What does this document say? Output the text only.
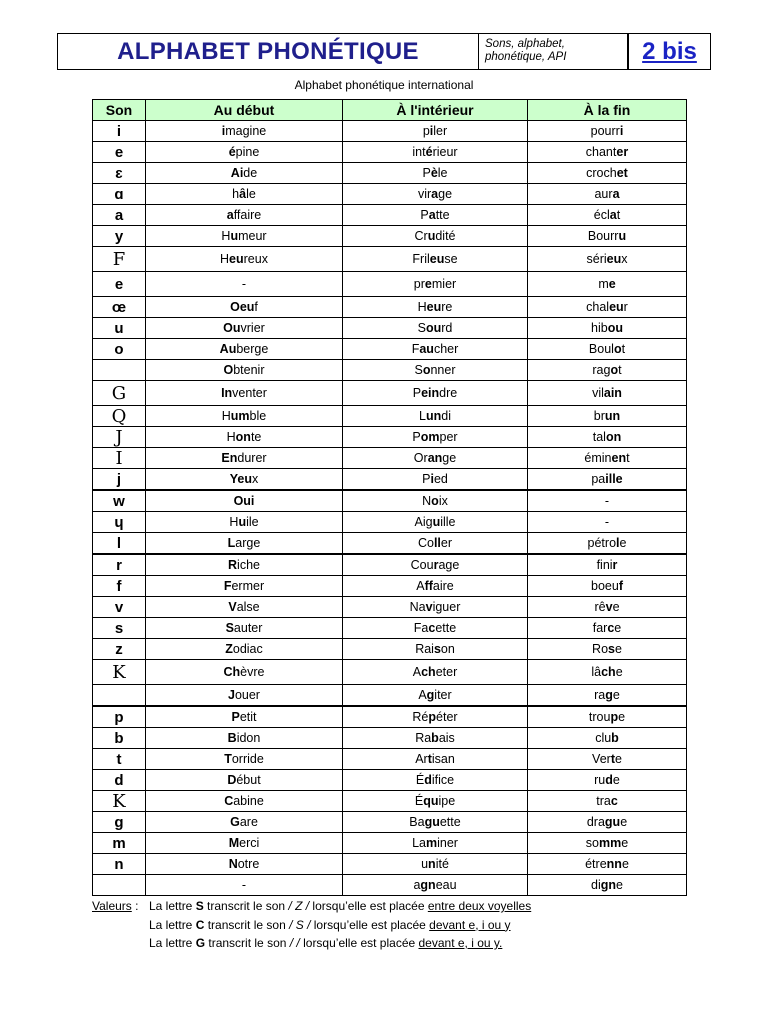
ALPHABET PHONÉTIQUE	Sons, alphabet, phonétique, API	2 bis
Alphabet phonétique international
Son	Au début	À l'intérieur	À la fin
i	imagine	piler	pourri
e	épine	intérieur	chanter
ɛ	Aide	Pèle	crochet
ɑ	hâle	virage	aura
a	affaire	Patte	éclat
y	Humeur	Crudité	Bourru
F	Heureux	Frileuse	sérieux
e	-	premier	me
œ	Oeuf	Heure	chaleur
u	Ouvrier	Sourd	hibou
o	Auberge	Faucher	Boulot
	Obtenir	Sonner	ragot
G	Inventer	Peindre	vilain
Q	Humble	Lundi	brun
J	Honte	Pomper	talon
I	Endurer	Orange	éminent
j	Yeux	Pied	paille
w	Oui	Noix	-
ɥ	Huile	Aiguille	-
l	Large	Coller	pétrole
r	Riche	Courage	finir
f	Fermer	Affaire	boeuf
v	Valse	Naviguer	rêve
s	Sauter	Facette	farce
z	Zodiac	Raison	Rose
K	Chèvre	Acheter	lâche
	Jouer	Agiter	rage
p	Petit	Répéter	troupe
b	Bidon	Rabais	club
t	Torride	Artisan	Verte
d	Début	Édifice	rude
K	Cabine	Équipe	trac
g	Gare	Baguette	drague
m	Merci	Laminer	somme
n	Notre	unité	étrenne
	-	agneau	digne
Valeurs : La lettre S transcrit le son / Z / lorsqu’elle est placée entre deux voyelles
La lettre C transcrit le son / S / lorsqu’elle est placée devant e, i ou y
La lettre G transcrit le son / / lorsqu’elle est placée devant e, i ou y.
